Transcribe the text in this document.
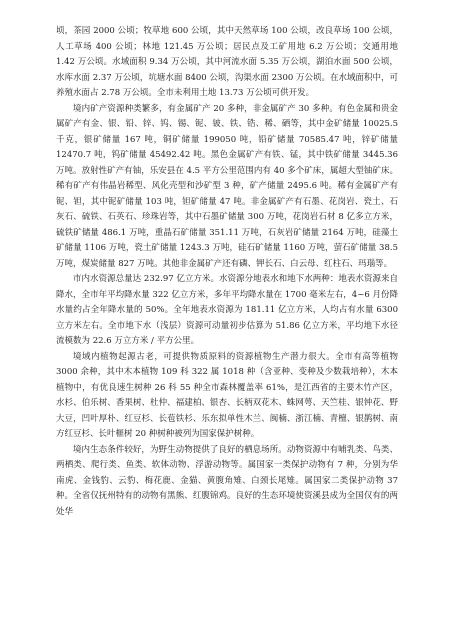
顷，茶园 2000 公顷；牧草地 600 公顷，其中天然草场 100 公顷，改良草场 100 公顷，人工草场 400 公顷；林地 121.45 万公顷；居民点及工矿用地 6.2 万公顷；交通用地 1.42 万公顷。水域面积 9.34 万公顷，其中河流水面 5.35 万公顷，湖泊水面 500 公顷，水库水面 2.37 万公顷，坑塘水面 8400 公顷，沟渠水面 2300 万公顷。在水域面积中，可养殖水面占 2.78 万公顷。全市未利用土地 13.73 万公顷可供开发。

境内矿产资源种类繁多，有金属矿产 20 多种，非金属矿产 30 多种。有色金属和贵金属矿产有金、银、铅、锌、钨、锡、铌、铍、铁、锆、稀、硒等，其中金矿储量 10025.5 千克，银矿储量 167 吨，铜矿储量 199050 吨，铅矿储量 70585.47 吨，锌矿储量 12470.7 吨，钨矿储量 45492.42 吨。黑色金属矿产有铁、锰，其中铁矿储量 3445.36 万吨。放射性矿产有铀，乐安县在 4.5 平方公里范围内有 40 多个矿床，属超大型铀矿床。稀有矿产有伟晶岩稀型、风化壳型和沙矿型 3 种，矿产储量 2495.6 吨。稀有金属矿产有铌、钽，其中铌矿储量 103 吨，钽矿储量 47 吨。非金属矿产有石墨、花岗岩、瓷土、石灰石、硫铁、石英石、珍珠岩等，其中石墨矿储量 300 万吨，花岗岩石材 8 亿多立方米，硫铁矿储量 486.1 万吨，重晶石矿储量 351.11 万吨，石灰岩矿储量 2164 万吨，硅藻土矿储量 1106 万吨，瓷土矿储量 1243.3 万吨，硅石矿储量 1160 万吨，萤石矿储量 38.5 万吨，煤炭储量 827 万吨。其他非金属矿产还有磷、钾长石、白云母、红柱石、玛瑙等。

市内水资源总量达 232.97 亿立方米。水资源分地表水和地下水两种：地表水资源来自降水，全市年平均降水量 322 亿立方米，多年平均降水量在 1700 毫米左右，4~6 月份降水量约占全年降水量的 50%。全年地表水资源为 181.11 亿立方米，人均占有水量 6300 立方米左右。全市地下水（浅层）资源可动量初步估算为 51.86 亿立方米，平均地下水径流模数为 22.6 万立方米 / 平方公里。

境域内植物起源古老，可提供物质原料的资源植物生产潜力很大。全市有高等植物 3000 余种，其中木本植物 109 科 322 属 1018 种（含亚种、变种及少数栽培种），木本植物中，有优良速生树种 26 科 55 种全市森林覆盖率 61%，是江西省的主要木竹产区，水杉、伯乐树、香果树、杜仲、福建柏、银杏、长柄双花木、蛛网萼、天竺桂、银钟花、野大豆，凹叶厚朴、红豆杉、长苞铁杉、乐东拟单性木兰、闽楠、浙江楠、青檀、银鹊树、南方红豆杉、长叶榧树 20 种树种被列为国家保护树种。

境内生态条件较好，为野生动物提供了良好的栖息场所。动物资源中有哺乳类、鸟类、两栖类、爬行类、鱼类、软体动物、浮游动物等。属国家一类保护动物有 7 种，分别为华南虎、金钱豹、云豹、梅花鹿、金猫、黄腹角雉、白颈长尾雉。属国家二类保护动物 37 种。全省仅抚州特有的动物有黑熊、红腹锦鸡。良好的生态环境使资溪县成为全国仅有的两处华
